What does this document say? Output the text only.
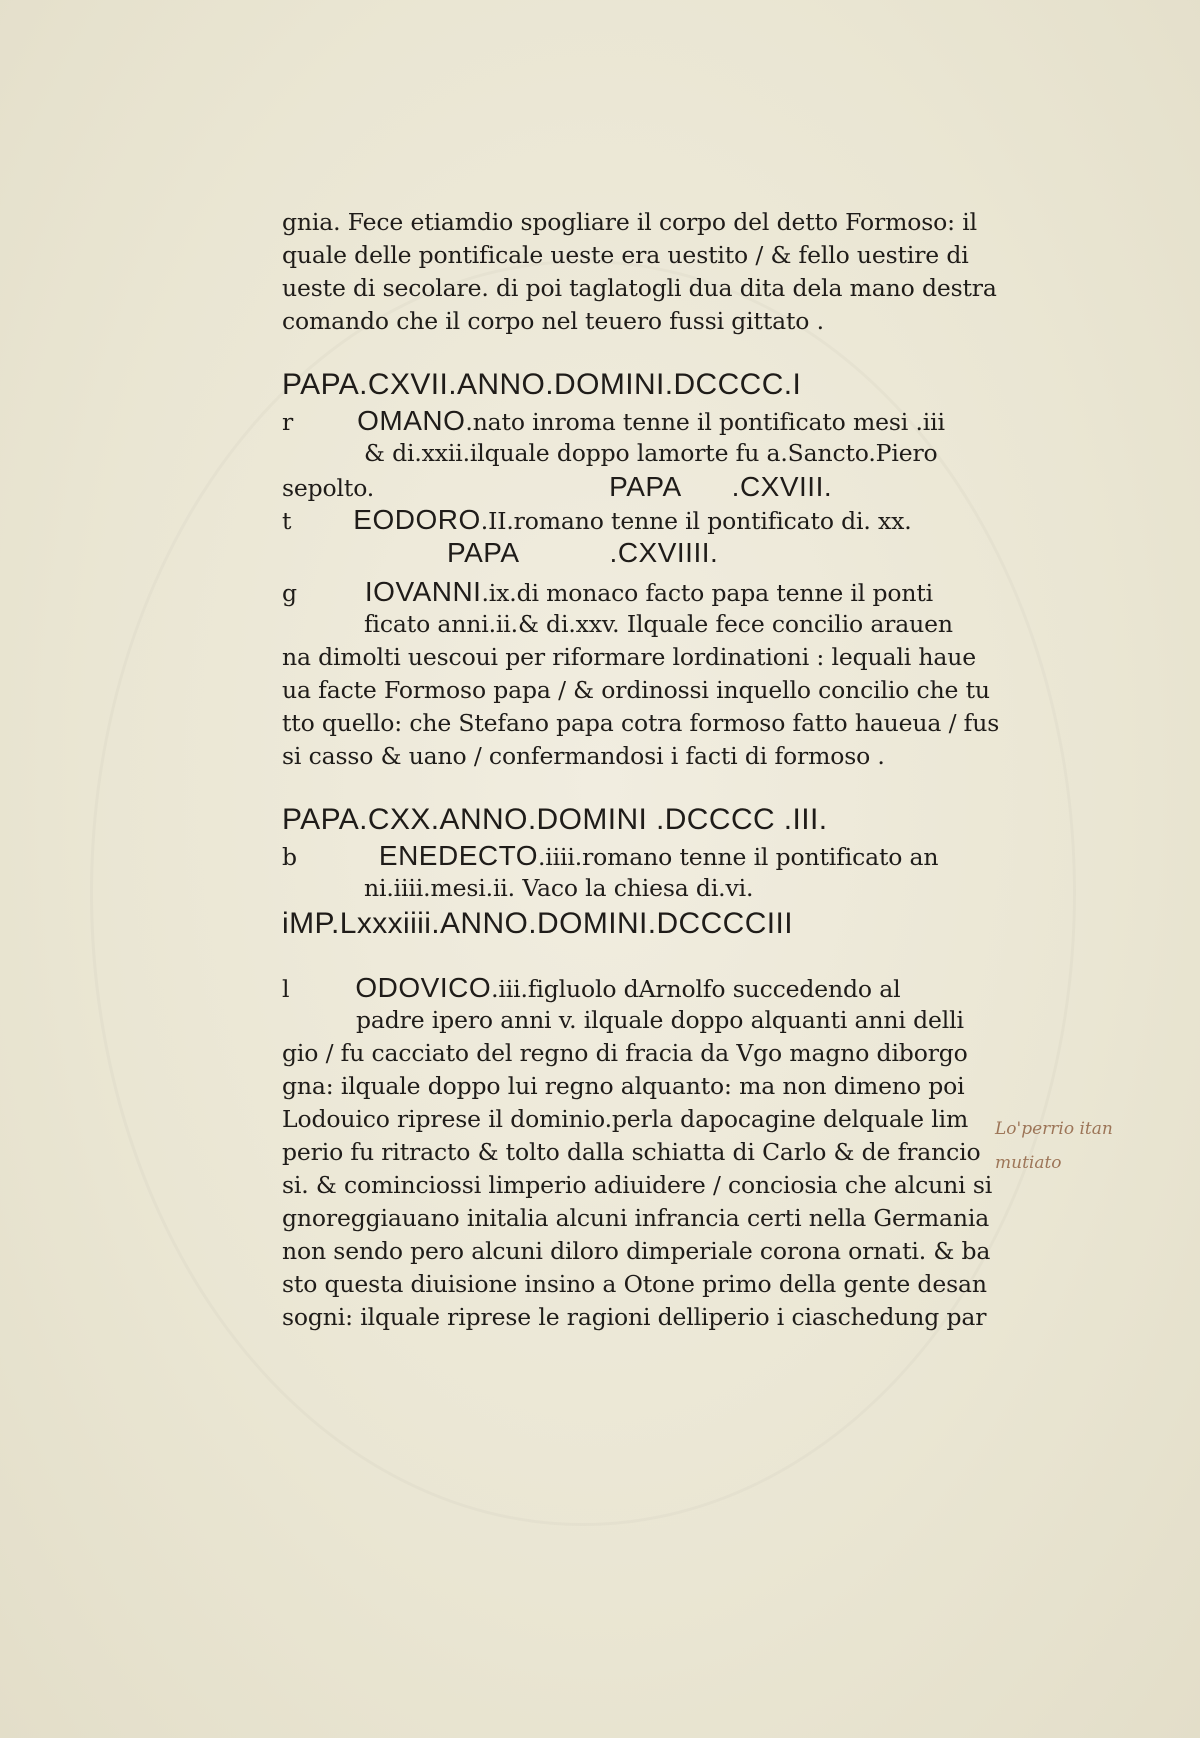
gnia. Fece etiamdio spogliare il corpo del detto Formoso: il
quale delle pontificale ueste era uestito / & fello uestire di
ueste di secolare. di poi taglatogli dua dita dela mano destra
comando che il corpo nel teuero fussi gittato .
PAPA.CXVII.ANNO.DOMINI.DCCCC.I
r OMANO.nato inroma tenne il pontificato mesi .iii
& di.xxii.ilquale doppo lamorte fu a.Sancto.Piero
sepolto.	PAPA .CXVIII.
t EODORO.II.romano tenne il pontificato di. xx.
PAPA	.CXVIIII.
g IOVANNI.ix.di monaco facto papa tenne il ponti
ficato anni.ii.& di.xxv. Ilquale fece concilio arauen
na dimolti uescoui per riformare lordinationi : lequali haue
ua facte Formoso papa / & ordinossi inquello concilio che tu
tto quello: che Stefano papa cotra formoso fatto haueua / fus
si casso & uano / confermandosi i facti di formoso .
PAPA.CXX.ANNO.DOMINI .DCCCC .III.
b	ENEDECTO.iiii.romano tenne il pontificato an
ni.iiii.mesi.ii. Vaco la chiesa di.vi.
iMP.Lxxxiiii.ANNO.DOMINI.DCCCCIII
l ODOVICO.iii.figluolo dArnolfo succedendo al
padre ipero anni v. ilquale doppo alquanti anni delli
gio / fu cacciato del regno di fracia da Vgo magno diborgo
gna: ilquale doppo lui regno alquanto: ma non dimeno poi
Lodouico riprese il dominio.perla dapocagine delquale lim
perio fu ritracto & tolto dalla schiatta di Carlo & de francio
si. & cominciossi limperio adiuidere / conciosia che alcuni si
gnoreggiauano initalia alcuni infrancia certi nella Germania
non sendo pero alcuni diloro dimperiale corona ornati. & ba
sto questa diuisione insino a Otone primo della gente desan
sogni: ilquale riprese le ragioni delliperio i ciaschedung par
Lo'perrio itan
mutiato
